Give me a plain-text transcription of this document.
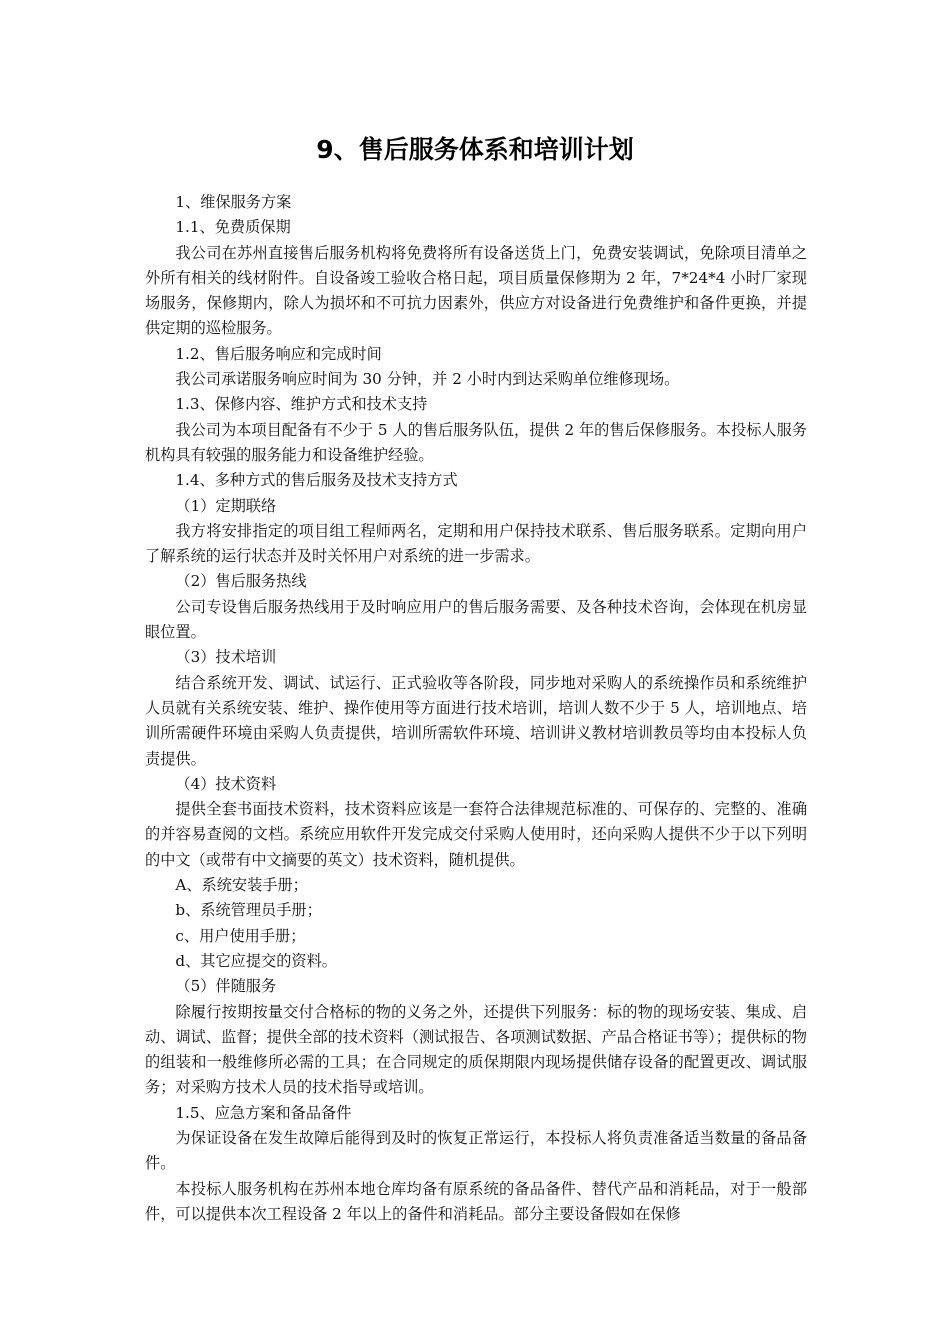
9、售后服务体系和培训计划

1、维保服务方案

1.1、免费质保期

我公司在苏州直接售后服务机构将免费将所有设备送货上门，免费安装调试，免除项目清单之外所有相关的线材附件。自设备竣工验收合格日起，项目质量保修期为 2 年，7*24*4 小时厂家现场服务，保修期内，除人为损坏和不可抗力因素外，供应方对设备进行免费维护和备件更换，并提供定期的巡检服务。

1.2、售后服务响应和完成时间

我公司承诺服务响应时间为 30 分钟，并 2 小时内到达采购单位维修现场。

1.3、保修内容、维护方式和技术支持

我公司为本项目配备有不少于 5 人的售后服务队伍，提供 2 年的售后保修服务。本投标人服务机构具有较强的服务能力和设备维护经验。

1.4、多种方式的售后服务及技术支持方式

（1）定期联络

我方将安排指定的项目组工程师两名，定期和用户保持技术联系、售后服务联系。定期向用户了解系统的运行状态并及时关怀用户对系统的进一步需求。

（2）售后服务热线

公司专设售后服务热线用于及时响应用户的售后服务需要、及各种技术咨询，会体现在机房显眼位置。

（3）技术培训

结合系统开发、调试、试运行、正式验收等各阶段，同步地对采购人的系统操作员和系统维护人员就有关系统安装、维护、操作使用等方面进行技术培训，培训人数不少于 5 人，培训地点、培训所需硬件环境由采购人负责提供，培训所需软件环境、培训讲义教材培训教员等均由本投标人负责提供。

（4）技术资料

提供全套书面技术资料，技术资料应该是一套符合法律规范标准的、可保存的、完整的、准确的并容易查阅的文档。系统应用软件开发完成交付采购人使用时，还向采购人提供不少于以下列明的中文（或带有中文摘要的英文）技术资料，随机提供。

A、系统安装手册；

b、系统管理员手册；

c、用户使用手册；

d、其它应提交的资料。

（5）伴随服务

除履行按期按量交付合格标的物的义务之外，还提供下列服务：标的物的现场安装、集成、启动、调试、监督；提供全部的技术资料（测试报告、各项测试数据、产品合格证书等）；提供标的物的组装和一般维修所必需的工具；在合同规定的质保期限内现场提供储存设备的配置更改、调试服务；对采购方技术人员的技术指导或培训。

1.5、应急方案和备品备件

为保证设备在发生故障后能得到及时的恢复正常运行，本投标人将负责准备适当数量的备品备件。

本投标人服务机构在苏州本地仓库均备有原系统的备品备件、替代产品和消耗品，对于一般部件，可以提供本次工程设备 2 年以上的备件和消耗品。部分主要设备假如在保修
